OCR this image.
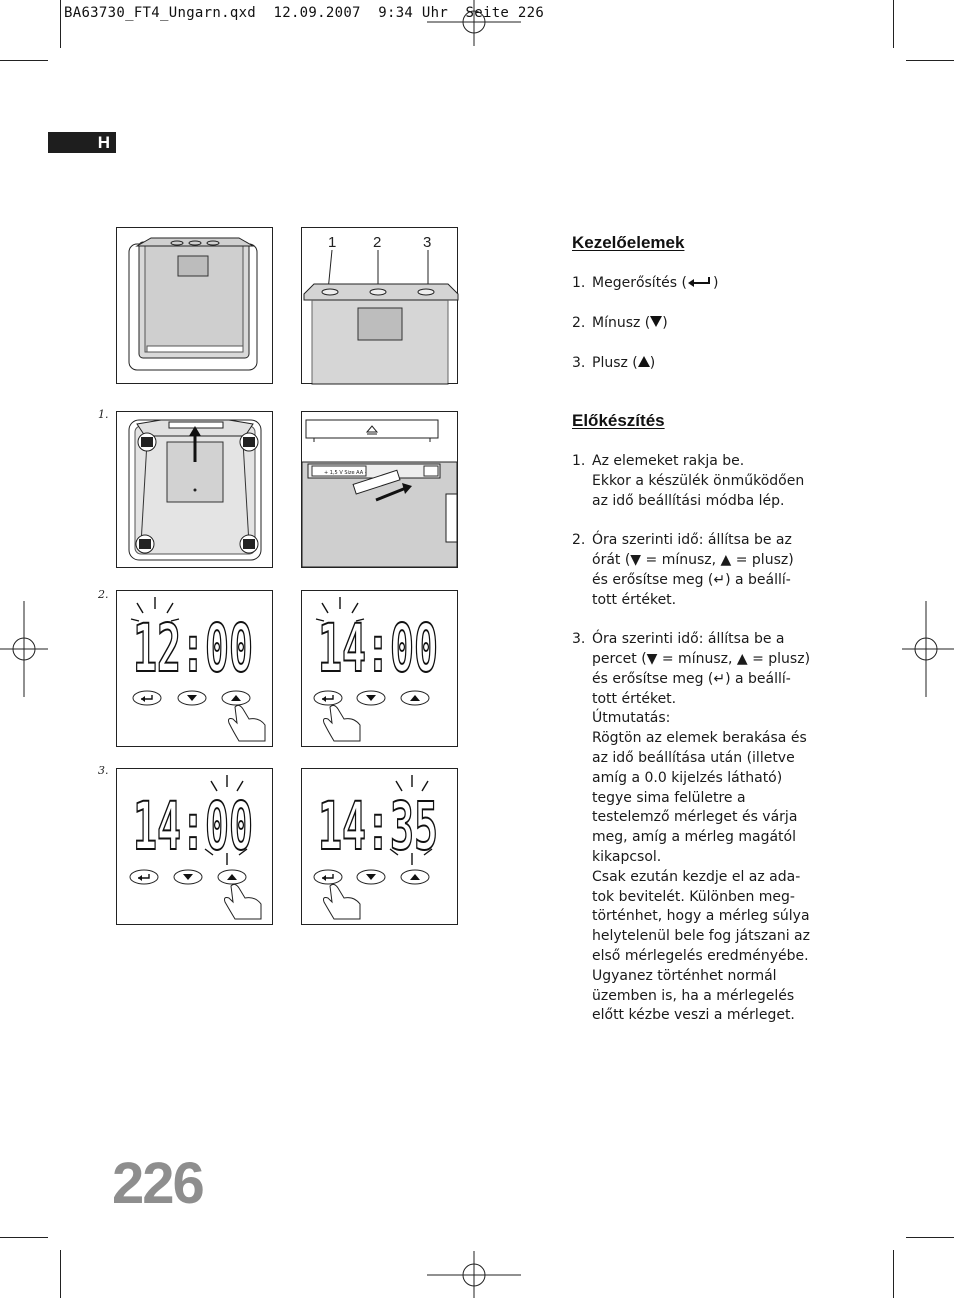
BA63730_FT4_Ungarn.qxd  12.09.2007  9:34 Uhr  Seite 226
H
1 2	3
1.
+ 1,5 V Size AA -
2.
12:00 14:00
3.
14:00 14:35
Kezelőelemek
1. Megerősítés ( )
2. Mínusz ( )
3. Plusz ( )
Előkészítés
1. Az elemeket rakja be.
Ekkor a készülék önműködően
az idő beállítási módba lép.
2. Óra szerinti idő: állítsa be az
órát (▼ = mínusz, ▲ = plusz)
és erősítse meg (↵) a beállí-
tott értéket.
3. Óra szerinti idő: állítsa be a
percet (▼ = mínusz, ▲ = plusz)
és erősítse meg (↵) a beállí-
tott értéket.
Útmutatás:
Rögtön az elemek berakása és
az idő beállítása után (illetve
amíg a 0.0 kijelzés látható)
tegye sima felületre a
testelemző mérleget és várja
meg, amíg a mérleg magától
kikapcsol.
Csak ezután kezdje el az ada-
tok bevitelét. Különben meg-
történhet, hogy a mérleg súlya
helytelenül bele fog játszani az
első mérlegelés eredményébe.
Ugyanez történhet normál
üzemben is, ha a mérlegelés
előtt kézbe veszi a mérleget.
226
